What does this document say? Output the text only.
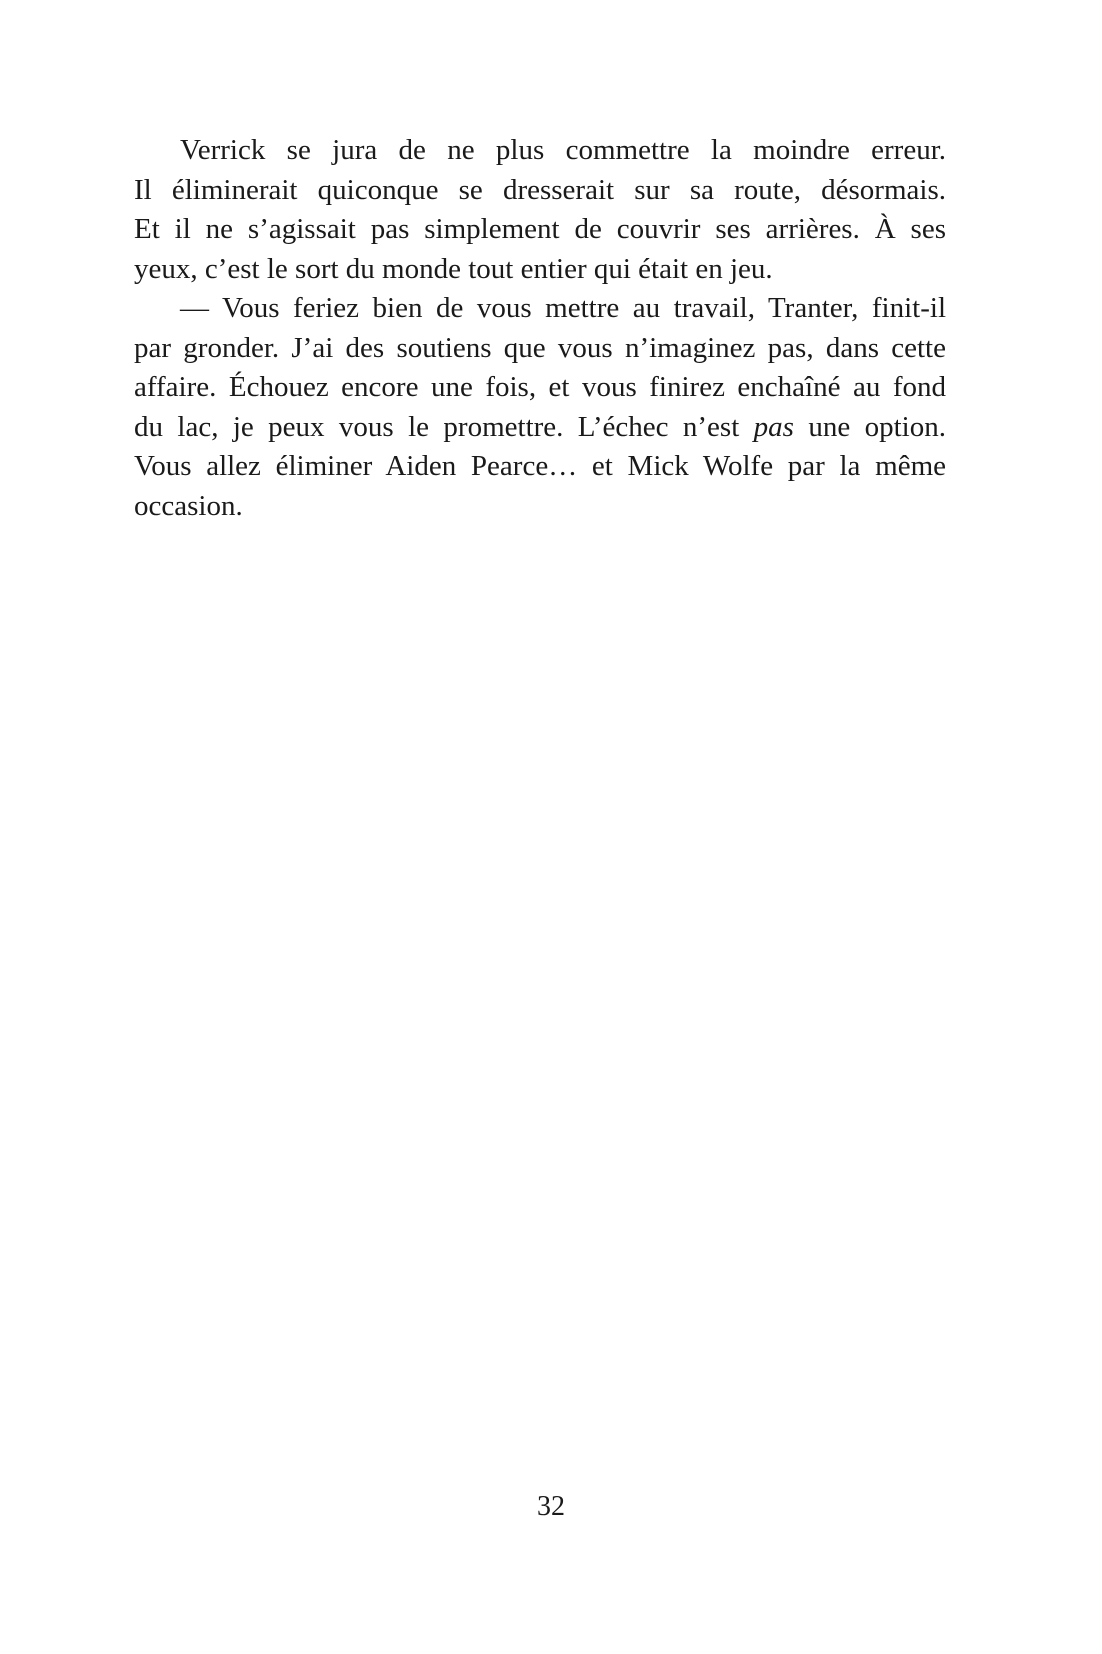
Verrick se jura de ne plus commettre la moindre erreur.
Il éliminerait quiconque se dresserait sur sa route, désormais.
Et il ne s’agissait pas simplement de couvrir ses arrières. À ses
yeux, c’est le sort du monde tout entier qui était en jeu.
— Vous feriez bien de vous mettre au travail, Tranter, finit-il
par gronder. J’ai des soutiens que vous n’imaginez pas, dans cette
affaire. Échouez encore une fois, et vous finirez enchaîné au fond
du lac, je peux vous le promettre. L’échec n’est pas une option.
Vous allez éliminer Aiden Pearce… et Mick Wolfe par la même
occasion.
32
